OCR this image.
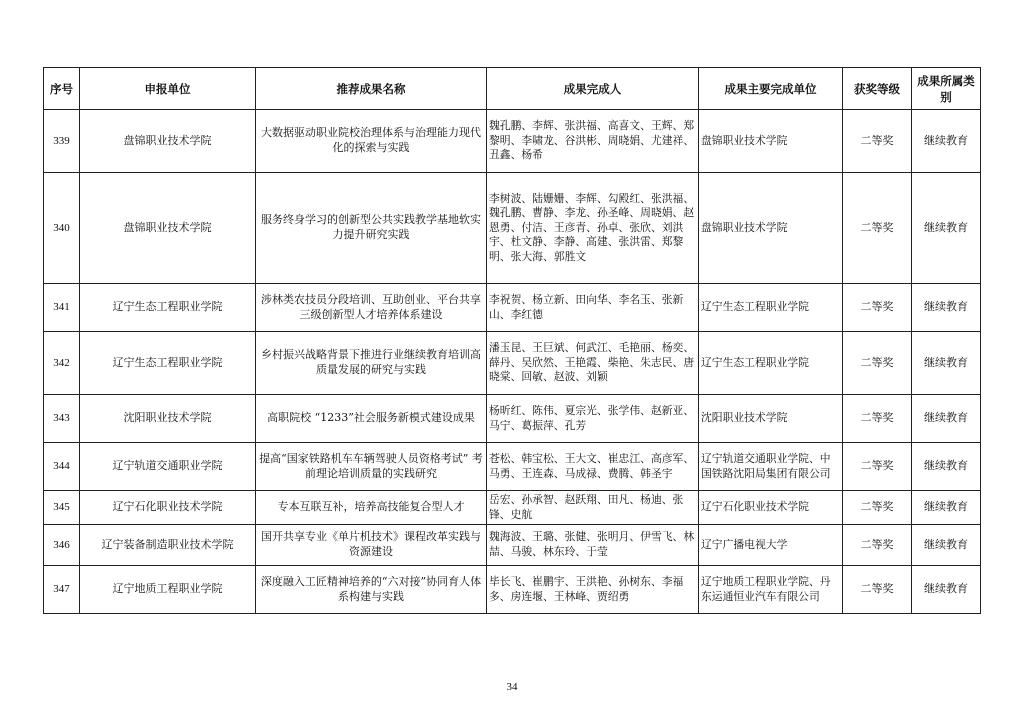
序号	申报单位	推荐成果名称	成果完成人	成果主要完成单位	获奖等级	成果所属类别
339	盘锦职业技术学院	大数据驱动职业院校治理体系与治理能力现代化的探索与实践	魏孔鹏、李辉、张洪福、高喜文、王辉、郑黎明、李啸龙、谷洪彬、周晓娟、尤建祥、丑鑫、杨希	盘锦职业技术学院	二等奖	继续教育
340	盘锦职业技术学院	服务终身学习的创新型公共实践教学基地软实力提升研究实践	李树波、陆姗姗、李辉、勾殿红、张洪福、魏孔鹏、曹静、李龙、孙圣峰、周晓娟、赵恩勇、付洁、王彦青、孙卓、张欣、刘洪宇、杜文静、李静、高建、张洪雷、郑黎明、张大海、郭胜文	盘锦职业技术学院	二等奖	继续教育
341	辽宁生态工程职业学院	涉林类农技员分段培训、互助创业、平台共享三级创新型人才培养体系建设	李祝贺、杨立新、田向华、李名玉、张新山、李红德	辽宁生态工程职业学院	二等奖	继续教育
342	辽宁生态工程职业学院	乡村振兴战略背景下推进行业继续教育培训高质量发展的研究与实践	潘玉昆、王巨斌、何武江、毛艳丽、杨奕、薛丹、吴欣然、王艳霞、柴艳、朱志民、唐晓棠、回敏、赵波、刘颖	辽宁生态工程职业学院	二等奖	继续教育
343	沈阳职业技术学院	高职院校 “1233”社会服务新模式建设成果	杨昕红、陈伟、夏宗光、张学伟、赵新亚、马宁、葛振萍、孔芳	沈阳职业技术学院	二等奖	继续教育
344	辽宁轨道交通职业学院	提高“国家铁路机车车辆驾驶人员资格考试” 考前理论培训质量的实践研究	苍松、韩宝松、王大文、崔忠江、高彦军、马勇、王连森、马成禄、费腾、韩圣宇	辽宁轨道交通职业学院、中国铁路沈阳局集团有限公司	二等奖	继续教育
345	辽宁石化职业技术学院	专本互联互补，培养高技能复合型人才	岳宏、孙承智、赵跃翔、田凡、杨迪、张锋、史航	辽宁石化职业技术学院	二等奖	继续教育
346	辽宁装备制造职业技术学院	国开共享专业《单片机技术》课程改革实践与资源建设	魏海波、王璐、张健、张明月、伊雪飞、林喆、马骏、林东玲、于莹	辽宁广播电视大学	二等奖	继续教育
347	辽宁地质工程职业学院	深度融入工匠精神培养的“六对接”协同育人体系构建与实践	毕长飞、崔鹏宇、王洪艳、孙树东、李福多、房连堰、王林峰、贾绍勇	辽宁地质工程职业学院、丹东运通恒业汽车有限公司	二等奖	继续教育
34
